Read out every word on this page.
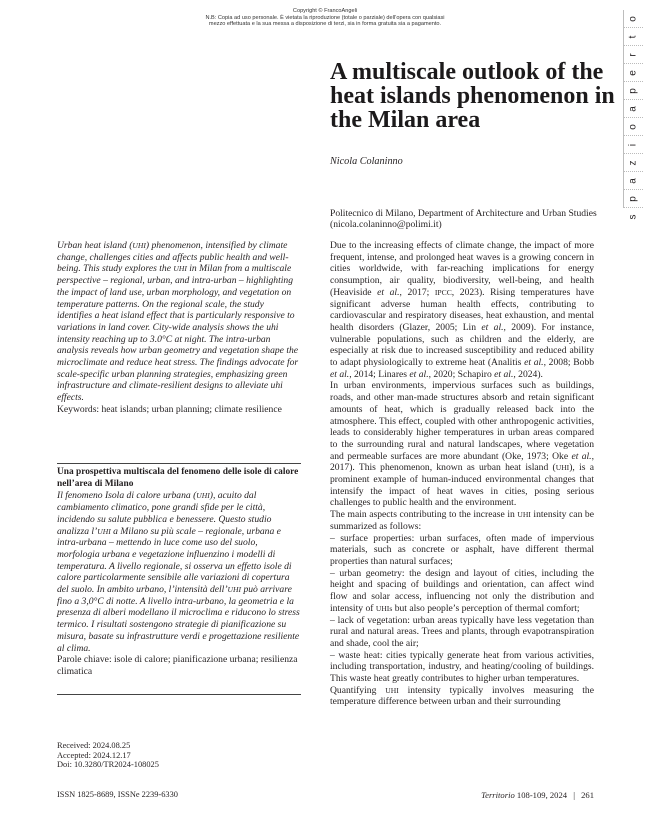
Copyright © FrancoAngeli
N.B: Copia ad uso personale. È vietata la riproduzione (totale o parziale) dell’opera con qualsiasi
mezzo effettuata e la sua messa a disposizione di terzi, sia in forma gratuita sia a pagamento.
o
t
r
e
p
a
o
i
z
a
p
s
A multiscale outlook of the heat islands phenomenon in the Milan area
Nicola Colaninno
Politecnico di Milano, Department of Architecture and Urban Studies
(nicola.colaninno@polimi.it)

Urban heat island (UHI) phenomenon, intensified by climate change, challenges cities and affects public health and well-being. This study explores the UHI in Milan from a multiscale perspective – regional, urban, and intra-urban – highlighting the impact of land use, urban morphology, and vegetation on temperature patterns. On the regional scale, the study identifies a heat island effect that is particularly responsive to variations in land cover. City-wide analysis shows the uhi intensity reaching up to 3.0°C at night. The intra-urban analysis reveals how urban geometry and vegetation shape the microclimate and reduce heat stress. The findings advocate for scale-specific urban planning strategies, emphasizing green infrastructure and climate-resilient designs to alleviate uhi effects.

Keywords: heat islands; urban planning; climate resilience

Una prospettiva multiscala del fenomeno delle isole di calore nell’area di Milano

Il fenomeno Isola di calore urbana (UHI), acuito dal cambiamento climatico, pone grandi sfide per le città, incidendo su salute pubblica e benessere. Questo studio analizza l’UHI a Milano su più scale – regionale, urbana e intra-urbana – mettendo in luce come uso del suolo, morfologia urbana e vegetazione influenzino i modelli di temperatura. A livello regionale, si osserva un effetto isole di calore particolarmente sensibile alle variazioni di copertura del suolo. In ambito urbano, l’intensità dell’UHI può arrivare fino a 3,0°C di notte. A livello intra-urbano, la geometria e la presenza di alberi modellano il microclima e riducono lo stress termico. I risultati sostengono strategie di pianificazione su misura, basate su infrastrutture verdi e progettazione resiliente al clima.

Parole chiave: isole di calore; pianificazione urbana; resilienza climatica

Received: 2024.08.25
Accepted: 2024.12.17
Doi: 10.3280/TR2024-108025

Due to the increasing effects of climate change, the impact of more frequent, intense, and prolonged heat waves is a growing concern in cities worldwide, with far-reaching implications for energy consumption, air quality, biodiversity, well-being, and health (Heaviside et al., 2017; IPCC, 2023). Rising temperatures have significant adverse human health effects, contributing to cardiovascular and respiratory diseases, heat exhaustion, and mental health disorders (Glazer, 2005; Lin et al., 2009). For instance, vulnerable populations, such as children and the elderly, are especially at risk due to increased susceptibility and reduced ability to adapt physiologically to extreme heat (Analitis et al., 2008; Bobb et al., 2014; Linares et al., 2020; Schapiro et al., 2024).

In urban environments, impervious surfaces such as buildings, roads, and other man-made structures absorb and retain significant amounts of heat, which is gradually released back into the atmosphere. This effect, coupled with other anthropogenic activities, leads to considerably higher temperatures in urban areas compared to the surrounding rural and natural landscapes, where vegetation and permeable surfaces are more abundant (Oke, 1973; Oke et al., 2017). This phenomenon, known as urban heat island (UHI), is a prominent example of human-induced environmental changes that intensify the impact of heat waves in cities, posing serious challenges to public health and the environment.

The main aspects contributing to the increase in UHI intensity can be summarized as follows:

– surface properties: urban surfaces, often made of impervious materials, such as concrete or asphalt, have different thermal properties than natural surfaces;

– urban geometry: the design and layout of cities, including the height and spacing of buildings and orientation, can affect wind flow and solar access, influencing not only the distribution and intensity of UHIs but also people’s perception of thermal comfort;

– lack of vegetation: urban areas typically have less vegetation than rural and natural areas. Trees and plants, through evapotranspiration and shade, cool the air;

– waste heat: cities typically generate heat from various activities, including transportation, industry, and heating/cooling of buildings. This waste heat greatly contributes to higher urban temperatures.

Quantifying UHI intensity typically involves measuring the temperature difference between urban and their surrounding

ISSN 1825-8689, ISSNe 2239-6330	Territorio 108-109, 2024 | 261
